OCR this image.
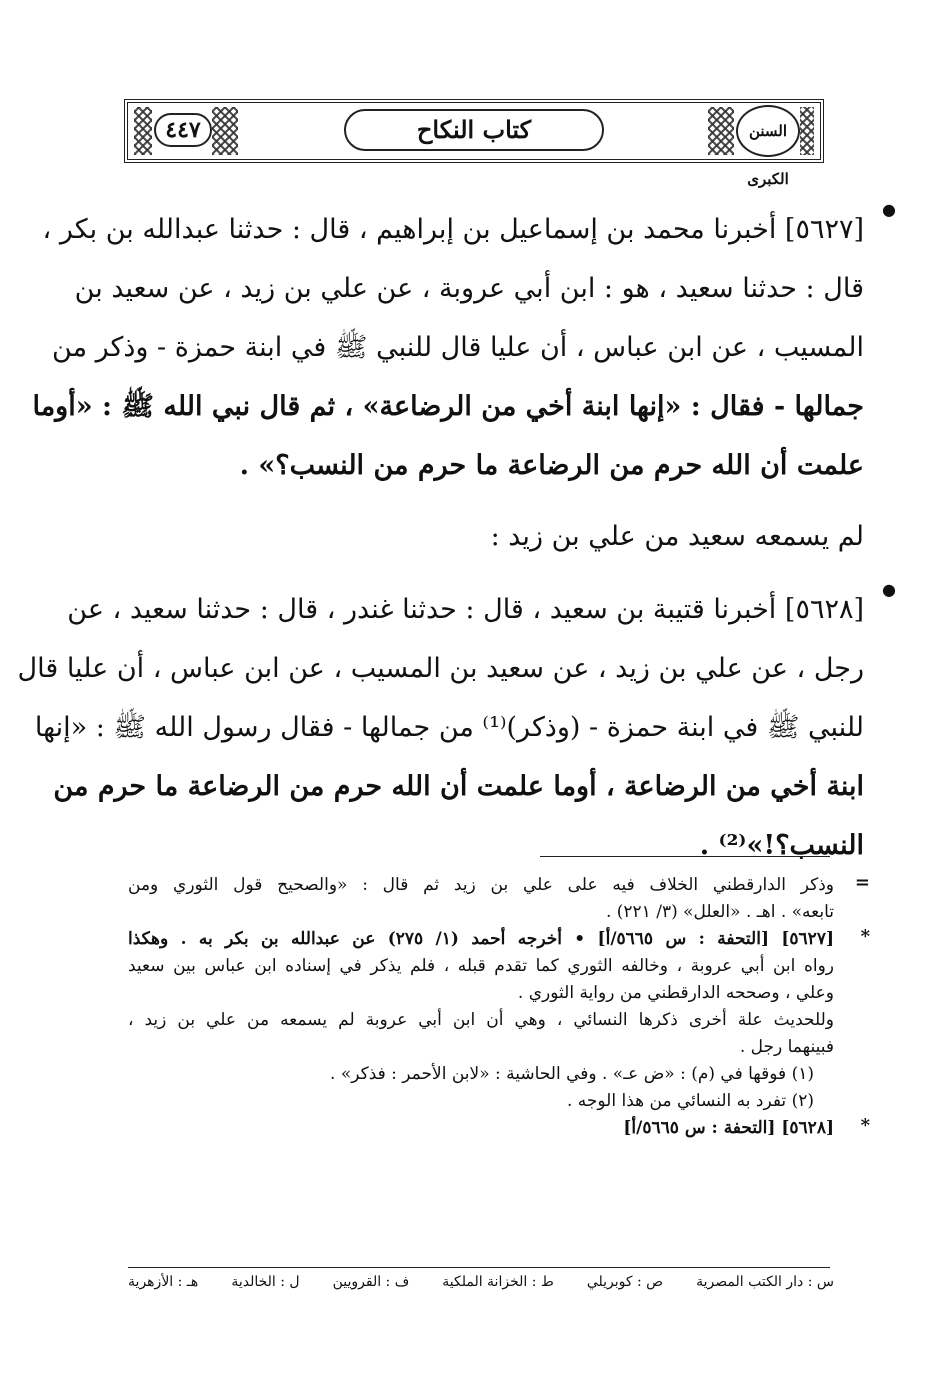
٤٤٧	كتاب النكاح	السنن الكبرى
●
[٥٦٢٧] أخبرنا محمد بن إسماعيل بن إبراهيم ، قال : حدثنا عبدالله بن بكر ،
قال : حدثنا سعيد ، هو : ابن أبي عروبة ، عن علي بن زيد ، عن سعيد بن
المسيب ، عن ابن عباس ، أن عليا قال للنبي ﷺ في ابنة حمزة - وذكر من
جمالها - فقال : «إنها ابنة أخي من الرضاعة» ، ثم قال نبي الله ﷺ : «أوما
علمت أن الله حرم من الرضاعة ما حرم من النسب؟» .
لم يسمعه سعيد من علي بن زيد :
●
[٥٦٢٨] أخبرنا قتيبة بن سعيد ، قال : حدثنا غندر ، قال : حدثنا سعيد ، عن
رجل ، عن علي بن زيد ، عن سعيد بن المسيب ، عن ابن عباس ، أن عليا قال
للنبي ﷺ في ابنة حمزة - (وذكر)⁽¹⁾ من جمالها - فقال رسول الله ﷺ : «إنها
ابنة أخي من الرضاعة ، أوما علمت أن الله حرم من الرضاعة ما حرم من
النسب؟!»⁽²⁾ .
=
وذكر الدارقطني الخلاف فيه على علي بن زيد ثم قال : «والصحيح قول الثوري ومن
تابعه» . اهـ . «العلل» (٣/ ٢٢١) .
*
[٥٦٢٧] [التحفة : س ٥٦٦٥/أ] • أخرجه أحمد (١/ ٢٧٥) عن عبدالله بن بكر به . وهكذا
رواه ابن أبي عروبة ، وخالفه الثوري كما تقدم قبله ، فلم يذكر في إسناده ابن عباس بين سعيد
وعلي ، وصححه الدارقطني من رواية الثوري .
وللحديث علة أخرى ذكرها النسائي ، وهي أن ابن أبي عروبة لم يسمعه من علي بن زيد ،
فبينهما رجل .
(١) فوقها في (م) : «ض عـ» . وفي الحاشية : «لابن الأحمر : فذكر» .
(٢) تفرد به النسائي من هذا الوجه .
*
[٥٦٢٨] [التحفة : س ٥٦٦٥/أ]
س : دار الكتب المصرية
ص : كوبريلي
ط : الخزانة الملكية
ف : القرويين
ل : الخالدية
هـ : الأزهرية
